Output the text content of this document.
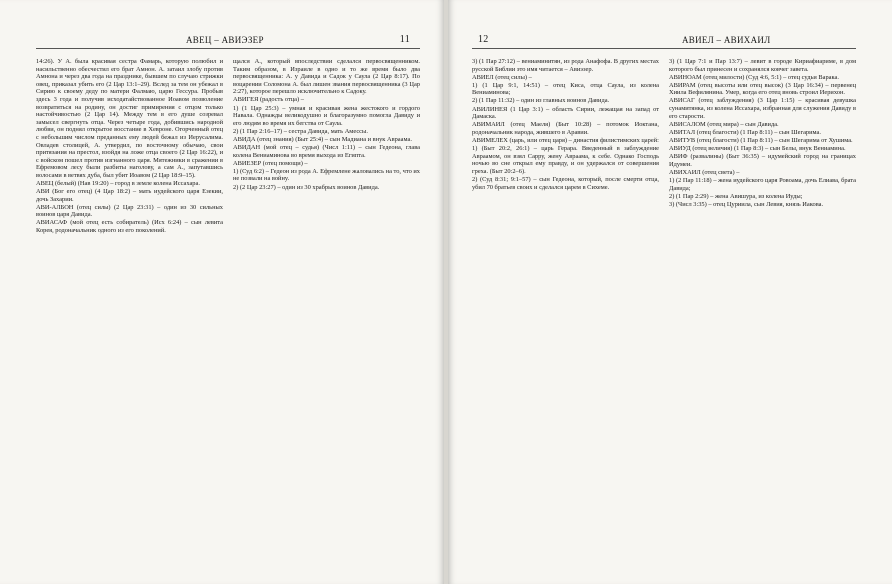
АВЕЦ – АВИЭЗЕР	11

14:26). У А. была красивая сестра Фамарь, которую полюбил и насильственно обесчестил его брат Амнон. А. затаил злобу против Амнона и через два года на празднике, бывшем по случаю стрижки овец, приказал убить его (2 Цар 13:1–29). Вслед за тем он убежал в Сирию к своему деду по матери Фалмаю, царю Гессура. Пробыв здесь 3 года и получив исходатайствованное Иоавом позволение возвратиться на родину, он достиг примирения с отцом только настойчивостью (2 Цар 14). Между тем в его душе созревал замысел свергнуть отца. Через четыре года, добившись народной любви, он поднял открытое восстание в Хевроне. Огорченный отец с небольшим числом преданных ему людей бежал из Иерусалима. Овладев столицей, А. утвердил, по восточному обычаю, свои притязания на престол, взойдя на ложе отца своего (2 Цар 16:22), и с войском пошел против изгнанного царя. Мятежники в сражении в Ефремовом лесу были разбиты наголову, а сам А., запутавшись волосами в ветвях дуба, был убит Иоавом (2 Цар 18:9–15).

АВЕЦ (белый) (Нав 19:20) – город в земле колена Иссахара.

АВИ (Бог его отец) (4 Цар 18:2) – мать иудейского царя Езекии, дочь Захарии.

АВИ-АЛБОН (отец силы) (2 Цар 23:31) – один из 30 сильных воинов царя Давида.

АВИАСАФ (мой отец есть собиратель) (Исх 6:24) – сын левита Корея, родоначальник одного из его поколений.

щался А., который впоследствии сделался первосвященником. Таким образом, в Израиле в одно и то же время было два первосвященника: А. у Давида и Садок у Саула (2 Цар 8:17). По воцарении Соломона А. был лишен звания первосвященника (3 Цар 2:27), которое перешло исключительно к Садоку.

АВИГЕЯ (радость отца) –

1) (1 Цар 25:3) – умная и красивая жена жестокого и гордого Навала. Однажды великодушно и благоразумно помогла Давиду и его людям во время их бегства от Саула.

2) (1 Пар 2:16–17) – сестра Давида, мать Амессы.

АВИДА (отец знания) (Быт 25:4) – сын Мадиана и внук Авраама.

АВИДАН (мой отец – судья) (Числ 1:11) – сын Гедеона, глава колена Вениаминова во время выхода из Египта.

АВИЕЗЕР (отец помощи) –

1) (Суд 6:2) – Гедеон из рода А. Ефремлене жаловались на то, что их не позвали на войну.

2) (2 Цар 23:27) – один из 30 храбрых воинов Давида.

12	АВИЕЛ – АВИХАИЛ

3) (1 Пар 27:12) – вениаминитян, из рода Анафофа. В других местах русской Библии это имя читается – Авиэзер.

АВИЕЛ (отец силы) –

1) (1 Цар 9:1, 14:51) – отец Киса, отца Саула, из колена Вениаминова;

2) (1 Пар 11:32) – один из главных воинов Давида.

АВИЛИНЕЯ (1 Цар 3:1) – область Сирии, лежащая на запад от Дамаска.

АВИМАИЛ (отец Маеля) (Быт 10:28) – потомок Иоктана, родоначальник народа, жившего в Аравии.

АВИМЕЛЕХ (царь, или отец царя) – династия филистимских царей:

1) (Быт 20:2, 26:1) – царь Герара. Введенный в заблуждение Авраамом, он взял Сарру, жену Авраама, к себе. Однако Господь ночью во сне открыл ему правду, и он удержался от совершения греха. (Быт 20:2–6).

2) (Суд 8:31; 9:1–57) – сын Гедеона, который, после смерти отца, убил 70 братьев своих и сделался царем в Сихеме.

3) (1 Цар 7:1 и Пар 13:7) – левит в городе Кириафиариме, в дом которого был принесен и сохранялся ковчег завета.

АВИНОАМ (отец милости) (Суд 4:6, 5:1) – отец судьи Варака.

АВИРАМ (отец высоты или отец высок) (3 Цар 16:34) – первенец Хиила Вефилянина. Умер, когда его отец вновь строил Иерихон.

АВИСАГ (отец заблуждения) (3 Цар 1:15) – красивая девушка сунамитянка, из колена Иссахара, избранная для служения Давиду в его старости.

АВИСАЛОМ (отец мира) – сын Давида.

АВИТАЛ (отец благости) (1 Пар 8:11) – сын Шегарима.

АВИТУВ (отец благости) (1 Пар 8:11) – сын Шегарима от Хушима.

АВИУД (отец величия) (1 Пар 8:3) – сын Белы, внук Вениамина.

АВИФ (развалины) (Быт 36:35) – идумейский город на границах Идумеи.

АВИХАИЛ (отец света) –

1) (2 Пар 11:18) – жена иудейского царя Ровоама, дочь Елиава, брата Давида;

2) (1 Пар 2:29) – жена Авишура, из колена Иуды;

3) (Числ 3:35) – отец Цуриила, сын Левия, князь Иакова.
